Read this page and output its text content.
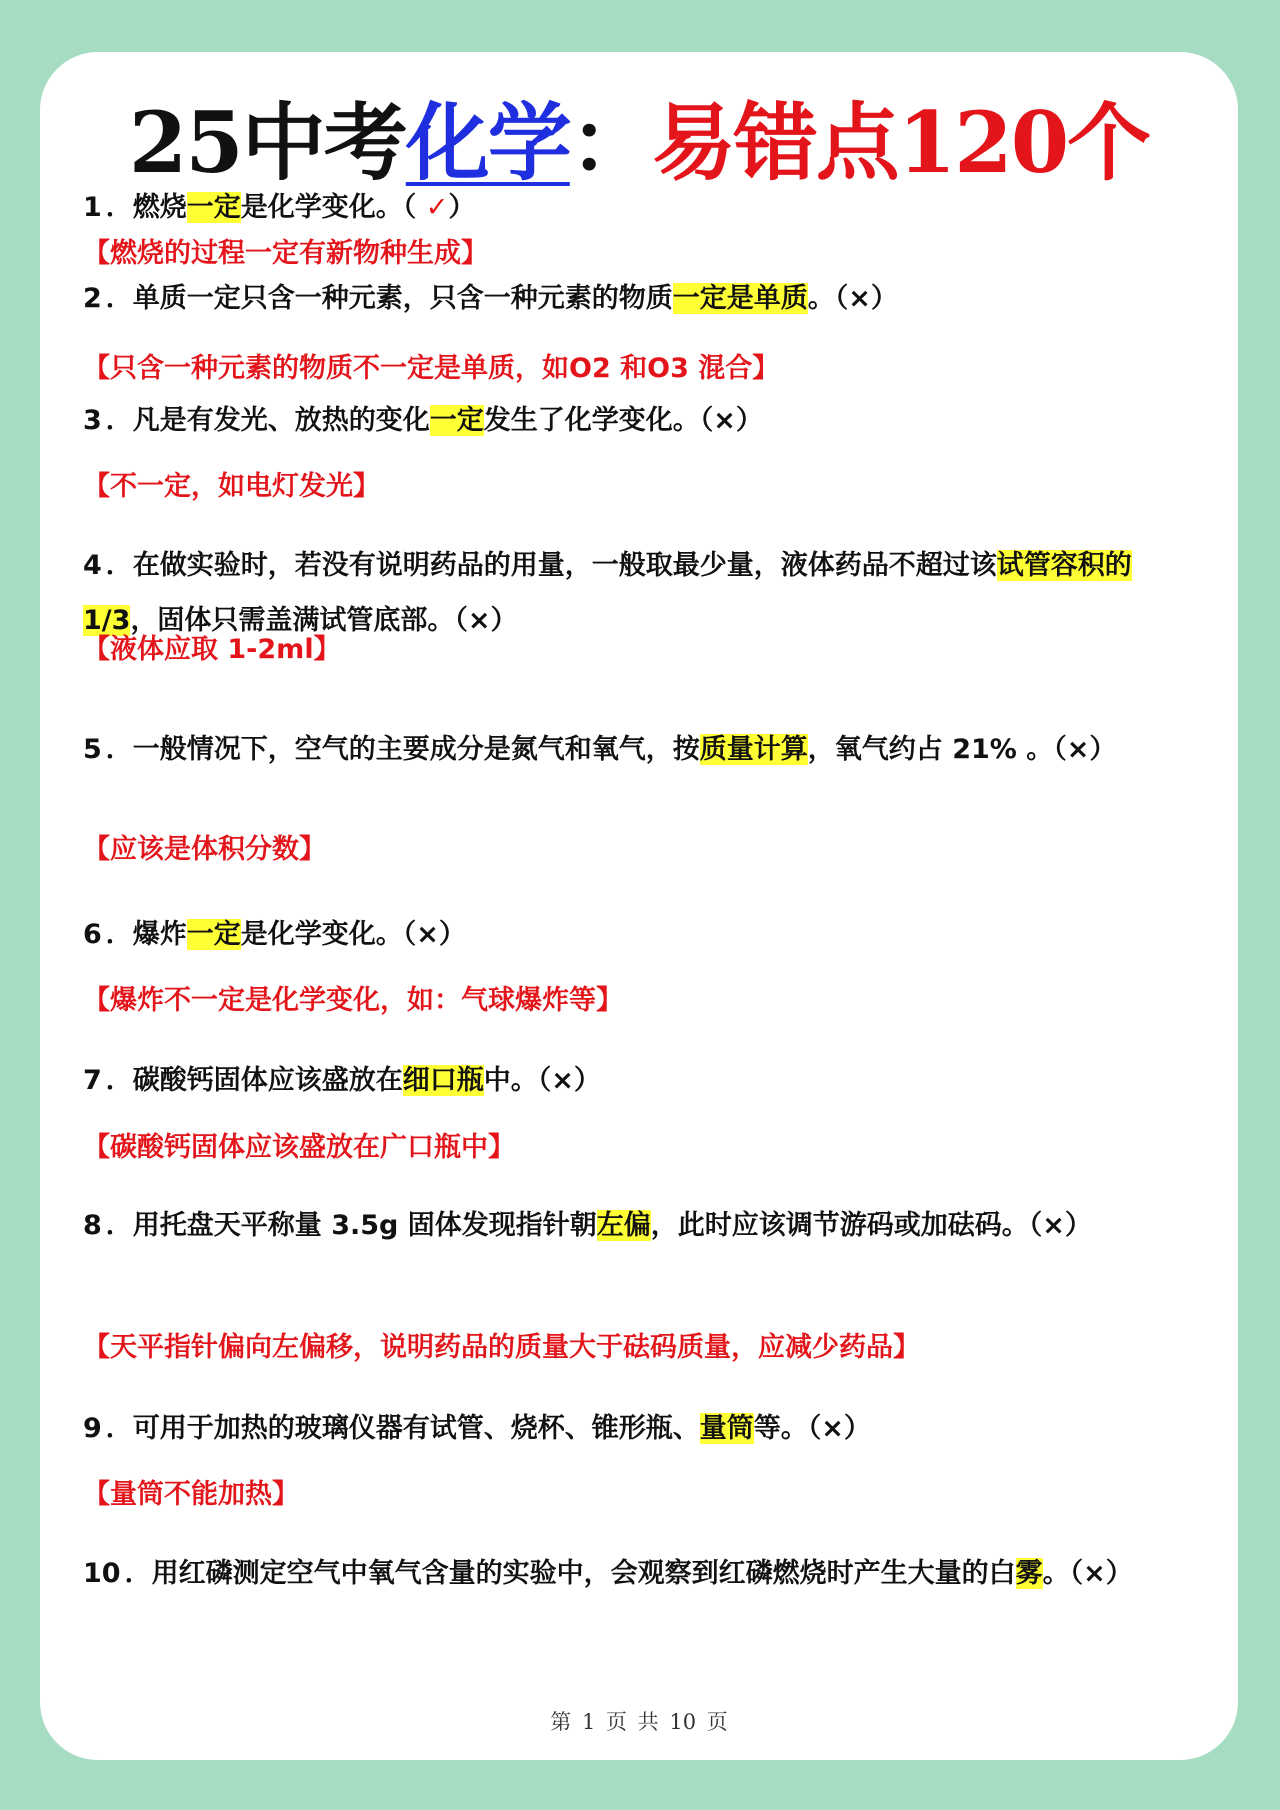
25中考化学：易错点120个
1 ．燃烧一定是化学变化。（ ✓）
【燃烧的过程一定有新物种生成】
2 ．单质一定只含一种元素，只含一种元素的物质一定是单质。（×）
【只含一种元素的物质不一定是单质，如O2 和O3 混合】
3 ．凡是有发光、放热的变化一定发生了化学变化。（×）
【不一定，如电灯发光】
4 ．在做实验时，若没有说明药品的用量，一般取最少量，液体药品不超过该试管容积的 1/3，固体只需盖满试管底部。（×）
【液体应取 1-2ml】
5 ．一般情况下，空气的主要成分是氮气和氧气，按质量计算，氧气约占 21% 。（×）
【应该是体积分数】
6 ．爆炸一定是化学变化。（×）
【爆炸不一定是化学变化，如：气球爆炸等】
7 ．碳酸钙固体应该盛放在细口瓶中。（×）
【碳酸钙固体应该盛放在广口瓶中】
8 ．用托盘天平称量 3.5g 固体发现指针朝左偏，此时应该调节游码或加砝码。（×）
【天平指针偏向左偏移，说明药品的质量大于砝码质量，应减少药品】
9 ．可用于加热的玻璃仪器有试管、烧杯、锥形瓶、量筒等。（×）
【量筒不能加热】
10 ．用红磷测定空气中氧气含量的实验中，会观察到红磷燃烧时产生大量的白雾。（×）
第 1 页 共 10 页
